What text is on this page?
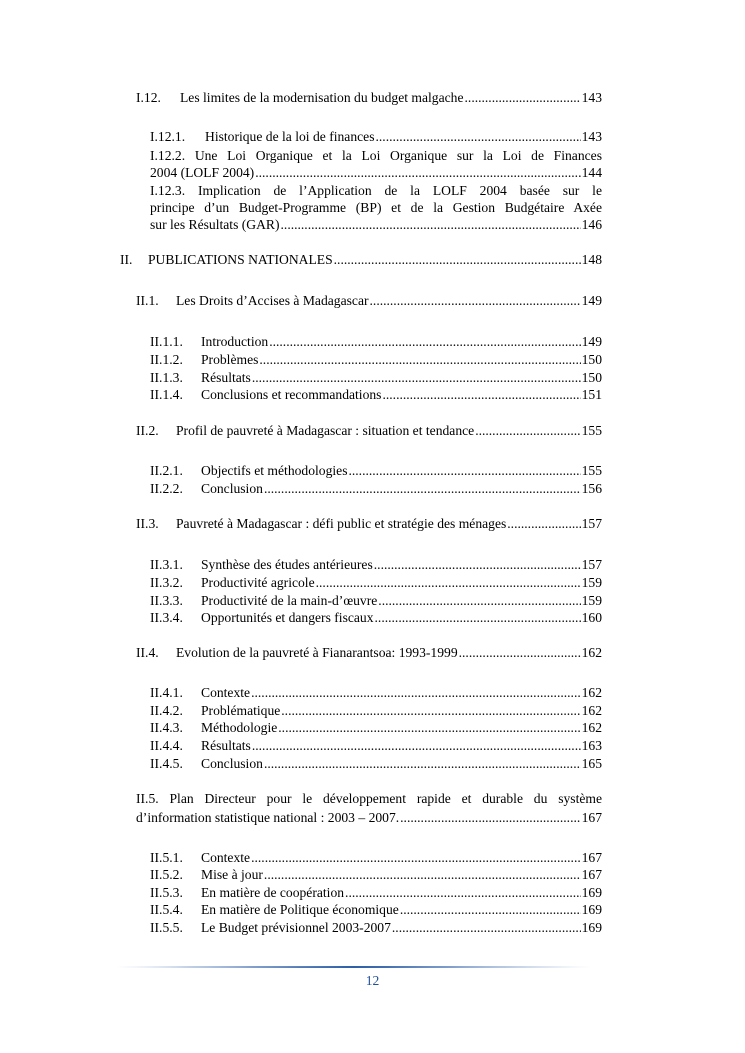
I.12.	Les limites de la modernisation du budget malgache .....	143
I.12.1.	Historique de la loi de finances .....	143
I.12.2. Une Loi Organique et la Loi Organique sur la Loi de Finances
2004 (LOLF 2004) .....	144
I.12.3. Implication de l’Application de la LOLF 2004 basée sur le
principe d’un Budget-Programme (BP) et de la Gestion Budgétaire Axée
sur les Résultats (GAR) .....	146
II.	PUBLICATIONS NATIONALES .....	148
II.1.	Les Droits d’Accises à Madagascar .....	149
II.1.1.	Introduction .....	149
II.1.2.	Problèmes .....	150
II.1.3.	Résultats .....	150
II.1.4.	Conclusions et recommandations .....	151
II.2.	Profil de pauvreté à Madagascar : situation et tendance .....	155
II.2.1.	Objectifs et méthodologies .....	155
II.2.2.	Conclusion .....	156
II.3.	Pauvreté à Madagascar : défi public et stratégie des ménages .....	157
II.3.1.	Synthèse des études antérieures .....	157
II.3.2.	Productivité agricole .....	159
II.3.3.	Productivité de la main-d’œuvre .....	159
II.3.4.	Opportunités et dangers fiscaux .....	160
II.4.	Evolution de la pauvreté à Fianarantsoa: 1993-1999 .....	162
II.4.1.	Contexte .....	162
II.4.2.	Problématique .....	162
II.4.3.	Méthodologie .....	162
II.4.4.	Résultats .....	163
II.4.5.	Conclusion .....	165
II.5. Plan Directeur pour le développement rapide et durable du système
d’information statistique national : 2003 – 2007. .....	167
II.5.1.	Contexte .....	167
II.5.2.	Mise à jour .....	167
II.5.3.	En matière de coopération .....	169
II.5.4.	En matière de Politique économique .....	169
II.5.5.	Le Budget prévisionnel 2003-2007 .....	169
12
